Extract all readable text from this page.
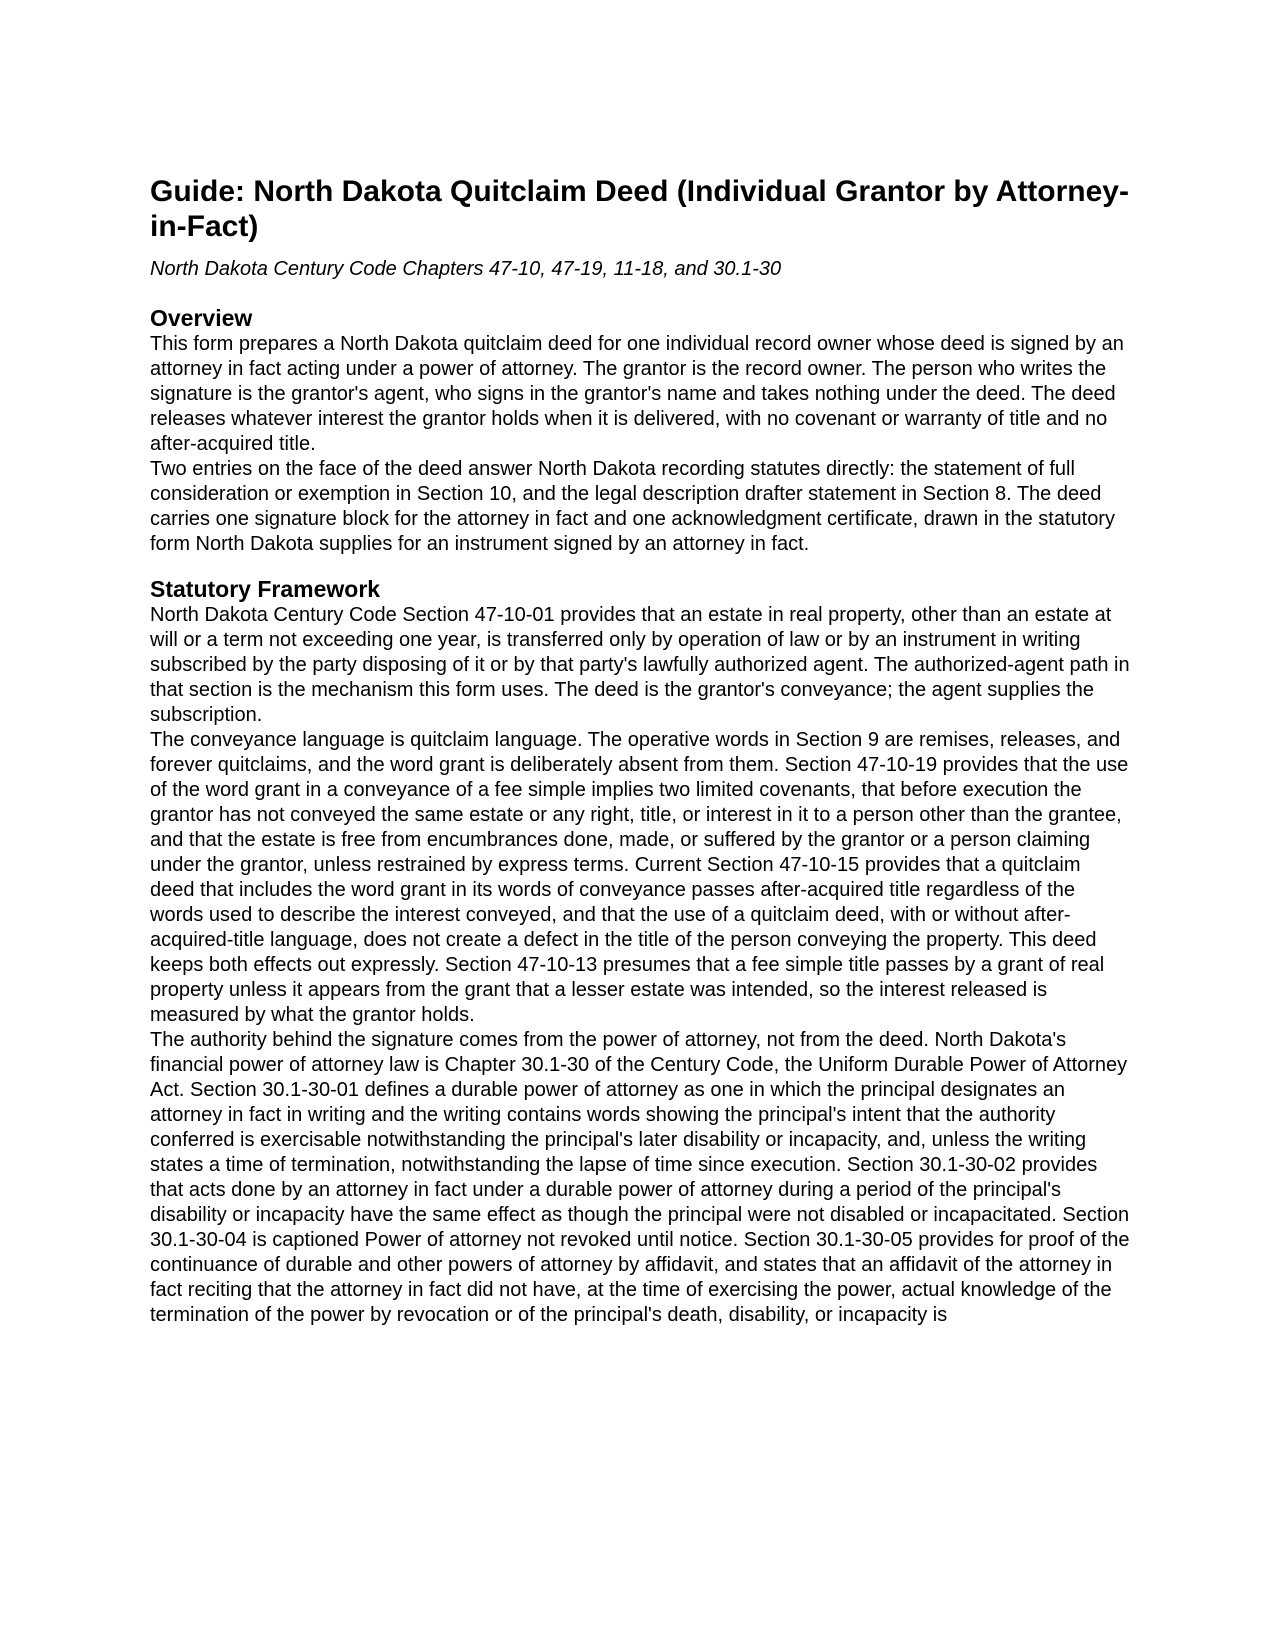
Guide: North Dakota Quitclaim Deed (Individual Grantor by Attorney-in-Fact)

North Dakota Century Code Chapters 47-10, 47-19, 11-18, and 30.1-30

Overview

This form prepares a North Dakota quitclaim deed for one individual record owner whose deed is signed by an attorney in fact acting under a power of attorney. The grantor is the record owner. The person who writes the signature is the grantor's agent, who signs in the grantor's name and takes nothing under the deed. The deed releases whatever interest the grantor holds when it is delivered, with no covenant or warranty of title and no after-acquired title.

Two entries on the face of the deed answer North Dakota recording statutes directly: the statement of full consideration or exemption in Section 10, and the legal description drafter statement in Section 8. The deed carries one signature block for the attorney in fact and one acknowledgment certificate, drawn in the statutory form North Dakota supplies for an instrument signed by an attorney in fact.

Statutory Framework

North Dakota Century Code Section 47-10-01 provides that an estate in real property, other than an estate at will or a term not exceeding one year, is transferred only by operation of law or by an instrument in writing subscribed by the party disposing of it or by that party's lawfully authorized agent. The authorized-agent path in that section is the mechanism this form uses. The deed is the grantor's conveyance; the agent supplies the subscription.

The conveyance language is quitclaim language. The operative words in Section 9 are remises, releases, and forever quitclaims, and the word grant is deliberately absent from them. Section 47-10-19 provides that the use of the word grant in a conveyance of a fee simple implies two limited covenants, that before execution the grantor has not conveyed the same estate or any right, title, or interest in it to a person other than the grantee, and that the estate is free from encumbrances done, made, or suffered by the grantor or a person claiming under the grantor, unless restrained by express terms. Current Section 47-10-15 provides that a quitclaim deed that includes the word grant in its words of conveyance passes after-acquired title regardless of the words used to describe the interest conveyed, and that the use of a quitclaim deed, with or without after-acquired-title language, does not create a defect in the title of the person conveying the property. This deed keeps both effects out expressly. Section 47-10-13 presumes that a fee simple title passes by a grant of real property unless it appears from the grant that a lesser estate was intended, so the interest released is measured by what the grantor holds.

The authority behind the signature comes from the power of attorney, not from the deed. North Dakota's financial power of attorney law is Chapter 30.1-30 of the Century Code, the Uniform Durable Power of Attorney Act. Section 30.1-30-01 defines a durable power of attorney as one in which the principal designates an attorney in fact in writing and the writing contains words showing the principal's intent that the authority conferred is exercisable notwithstanding the principal's later disability or incapacity, and, unless the writing states a time of termination, notwithstanding the lapse of time since execution. Section 30.1-30-02 provides that acts done by an attorney in fact under a durable power of attorney during a period of the principal's disability or incapacity have the same effect as though the principal were not disabled or incapacitated. Section 30.1-30-04 is captioned Power of attorney not revoked until notice. Section 30.1-30-05 provides for proof of the continuance of durable and other powers of attorney by affidavit, and states that an affidavit of the attorney in fact reciting that the attorney in fact did not have, at the time of exercising the power, actual knowledge of the termination of the power by revocation or of the principal's death, disability, or incapacity is
